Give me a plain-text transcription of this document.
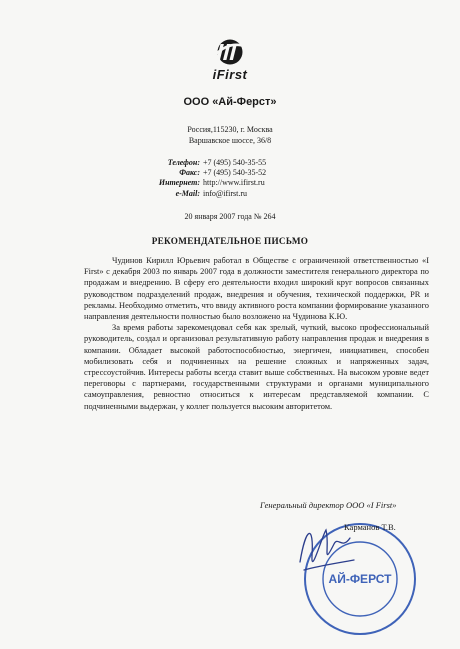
iFirst
ООО «Ай-Ферст»
Россия,115230, г. Москва
Варшавское шоссе, 36/8
Телефон: +7 (495) 540-35-55
Факс: +7 (495) 540-35-52
Интернет: http://www.ifirst.ru
e-Mail: info@ifirst.ru
20 января 2007 года № 264
РЕКОМЕНДАТЕЛЬНОЕ ПИСЬМО

Чудинов Кирилл Юрьевич работал в Обществе с ограниченной ответственностью «I First» с декабря 2003 по январь 2007 года в должности заместителя генерального директора по продажам и внедрению. В сферу его деятельности входил широкий круг вопросов связанных руководством подразделений продаж, внедрения и обучения, технической поддержки, PR и рекламы. Необходимо отметить, что ввиду активного роста компании формирование указанного направления деятельности полностью было возложено на Чудинова К.Ю.

За время работы зарекомендовал себя как зрелый, чуткий, высоко профессиональный руководитель, создал и организовал результативную работу направления продаж и внедрения в компании. Обладает высокой работоспособностью, энергичен, инициативен, способен мобилизовать себя и подчиненных на решение сложных и напряженных задач, стрессоустойчив. Интересы работы всегда ставит выше собственных. На высоком уровне ведет переговоры с партнерами, государственными структурами и органами муниципального самоуправления, ревностно относиться к интересам представляемой компании. С подчиненными выдержан, у коллег пользуется высоким авторитетом.

Генеральный директор ООО «I First»
АЙ-ФЕРСТ
Карманов Т.В.
